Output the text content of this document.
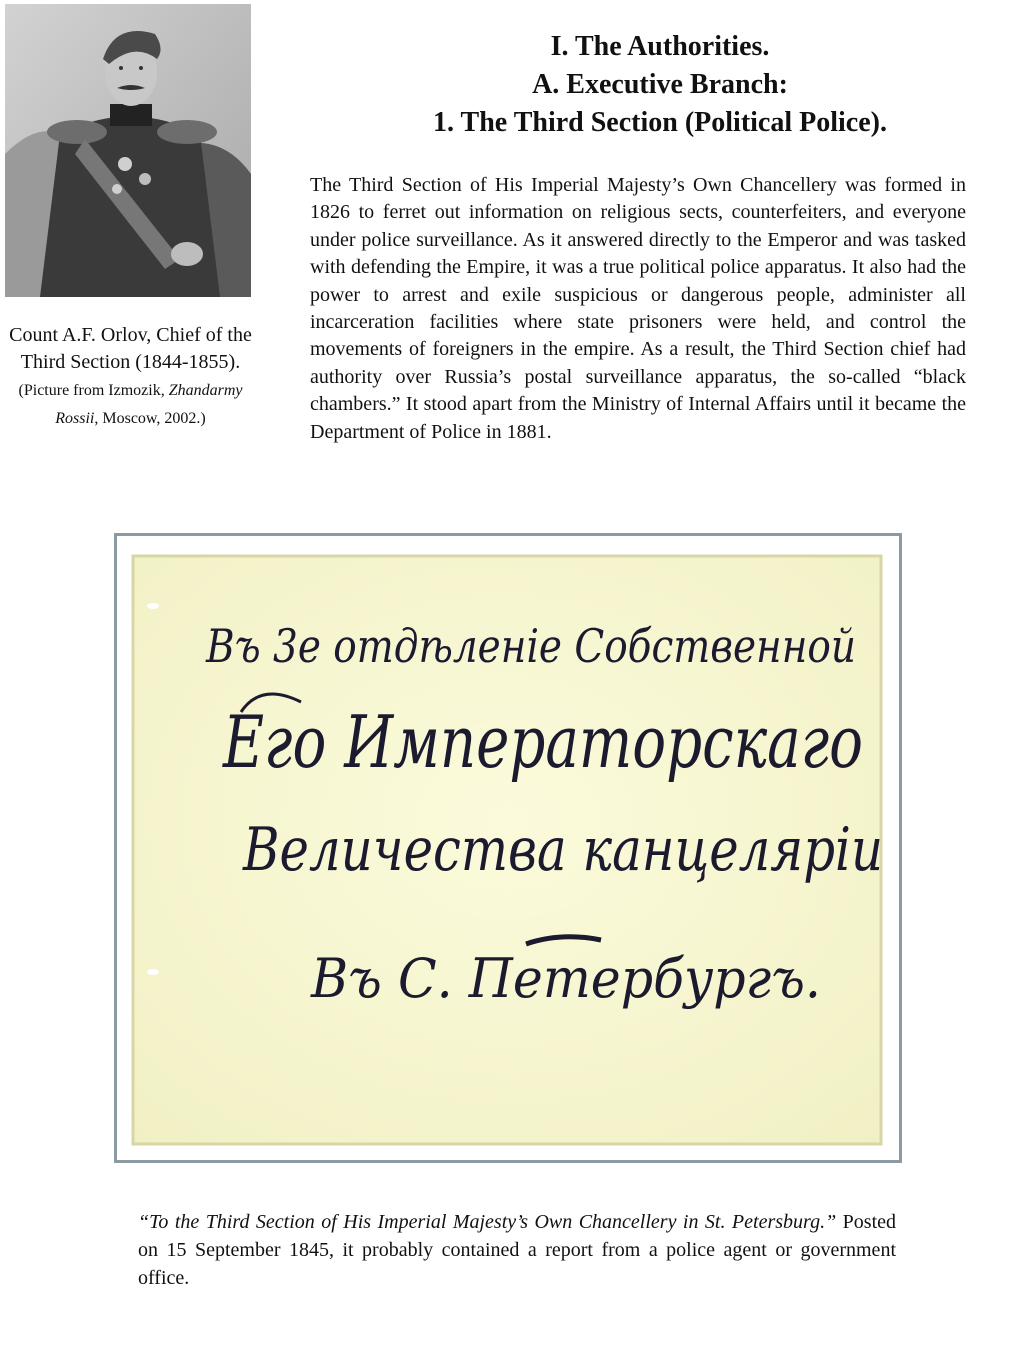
Count A.F. Orlov, Chief of the Third Section (1844-1855). (Picture from Izmozik, Zhandarmy Rossii, Moscow, 2002.)
I. The Authorities.
A. Executive Branch:
1. The Third Section (Political Police).
The Third Section of His Imperial Majesty’s Own Chancellery was formed in 1826 to ferret out information on religious sects, counterfeiters, and everyone under police surveillance. As it answered directly to the Emperor and was tasked with defending the Empire, it was a true political police apparatus. It also had the power to arrest and exile suspicious or dangerous people, administer all incarceration facilities where state prisoners were held, and control the movements of foreigners in the empire. As a result, the Third Section chief had authority over Russia’s postal surveillance apparatus, the so-called “black chambers.” It stood apart from the Ministry of Internal Affairs until it became the Department of Police in 1881.
Въ 3е отдѣленіе Собственной
Его Императорскаго
Величества канцеляріи
Въ С. Петербургъ.
“To the Third Section of His Imperial Majesty’s Own Chancellery in St. Petersburg.” Posted on 15 September 1845, it probably contained a report from a police agent or government office.
